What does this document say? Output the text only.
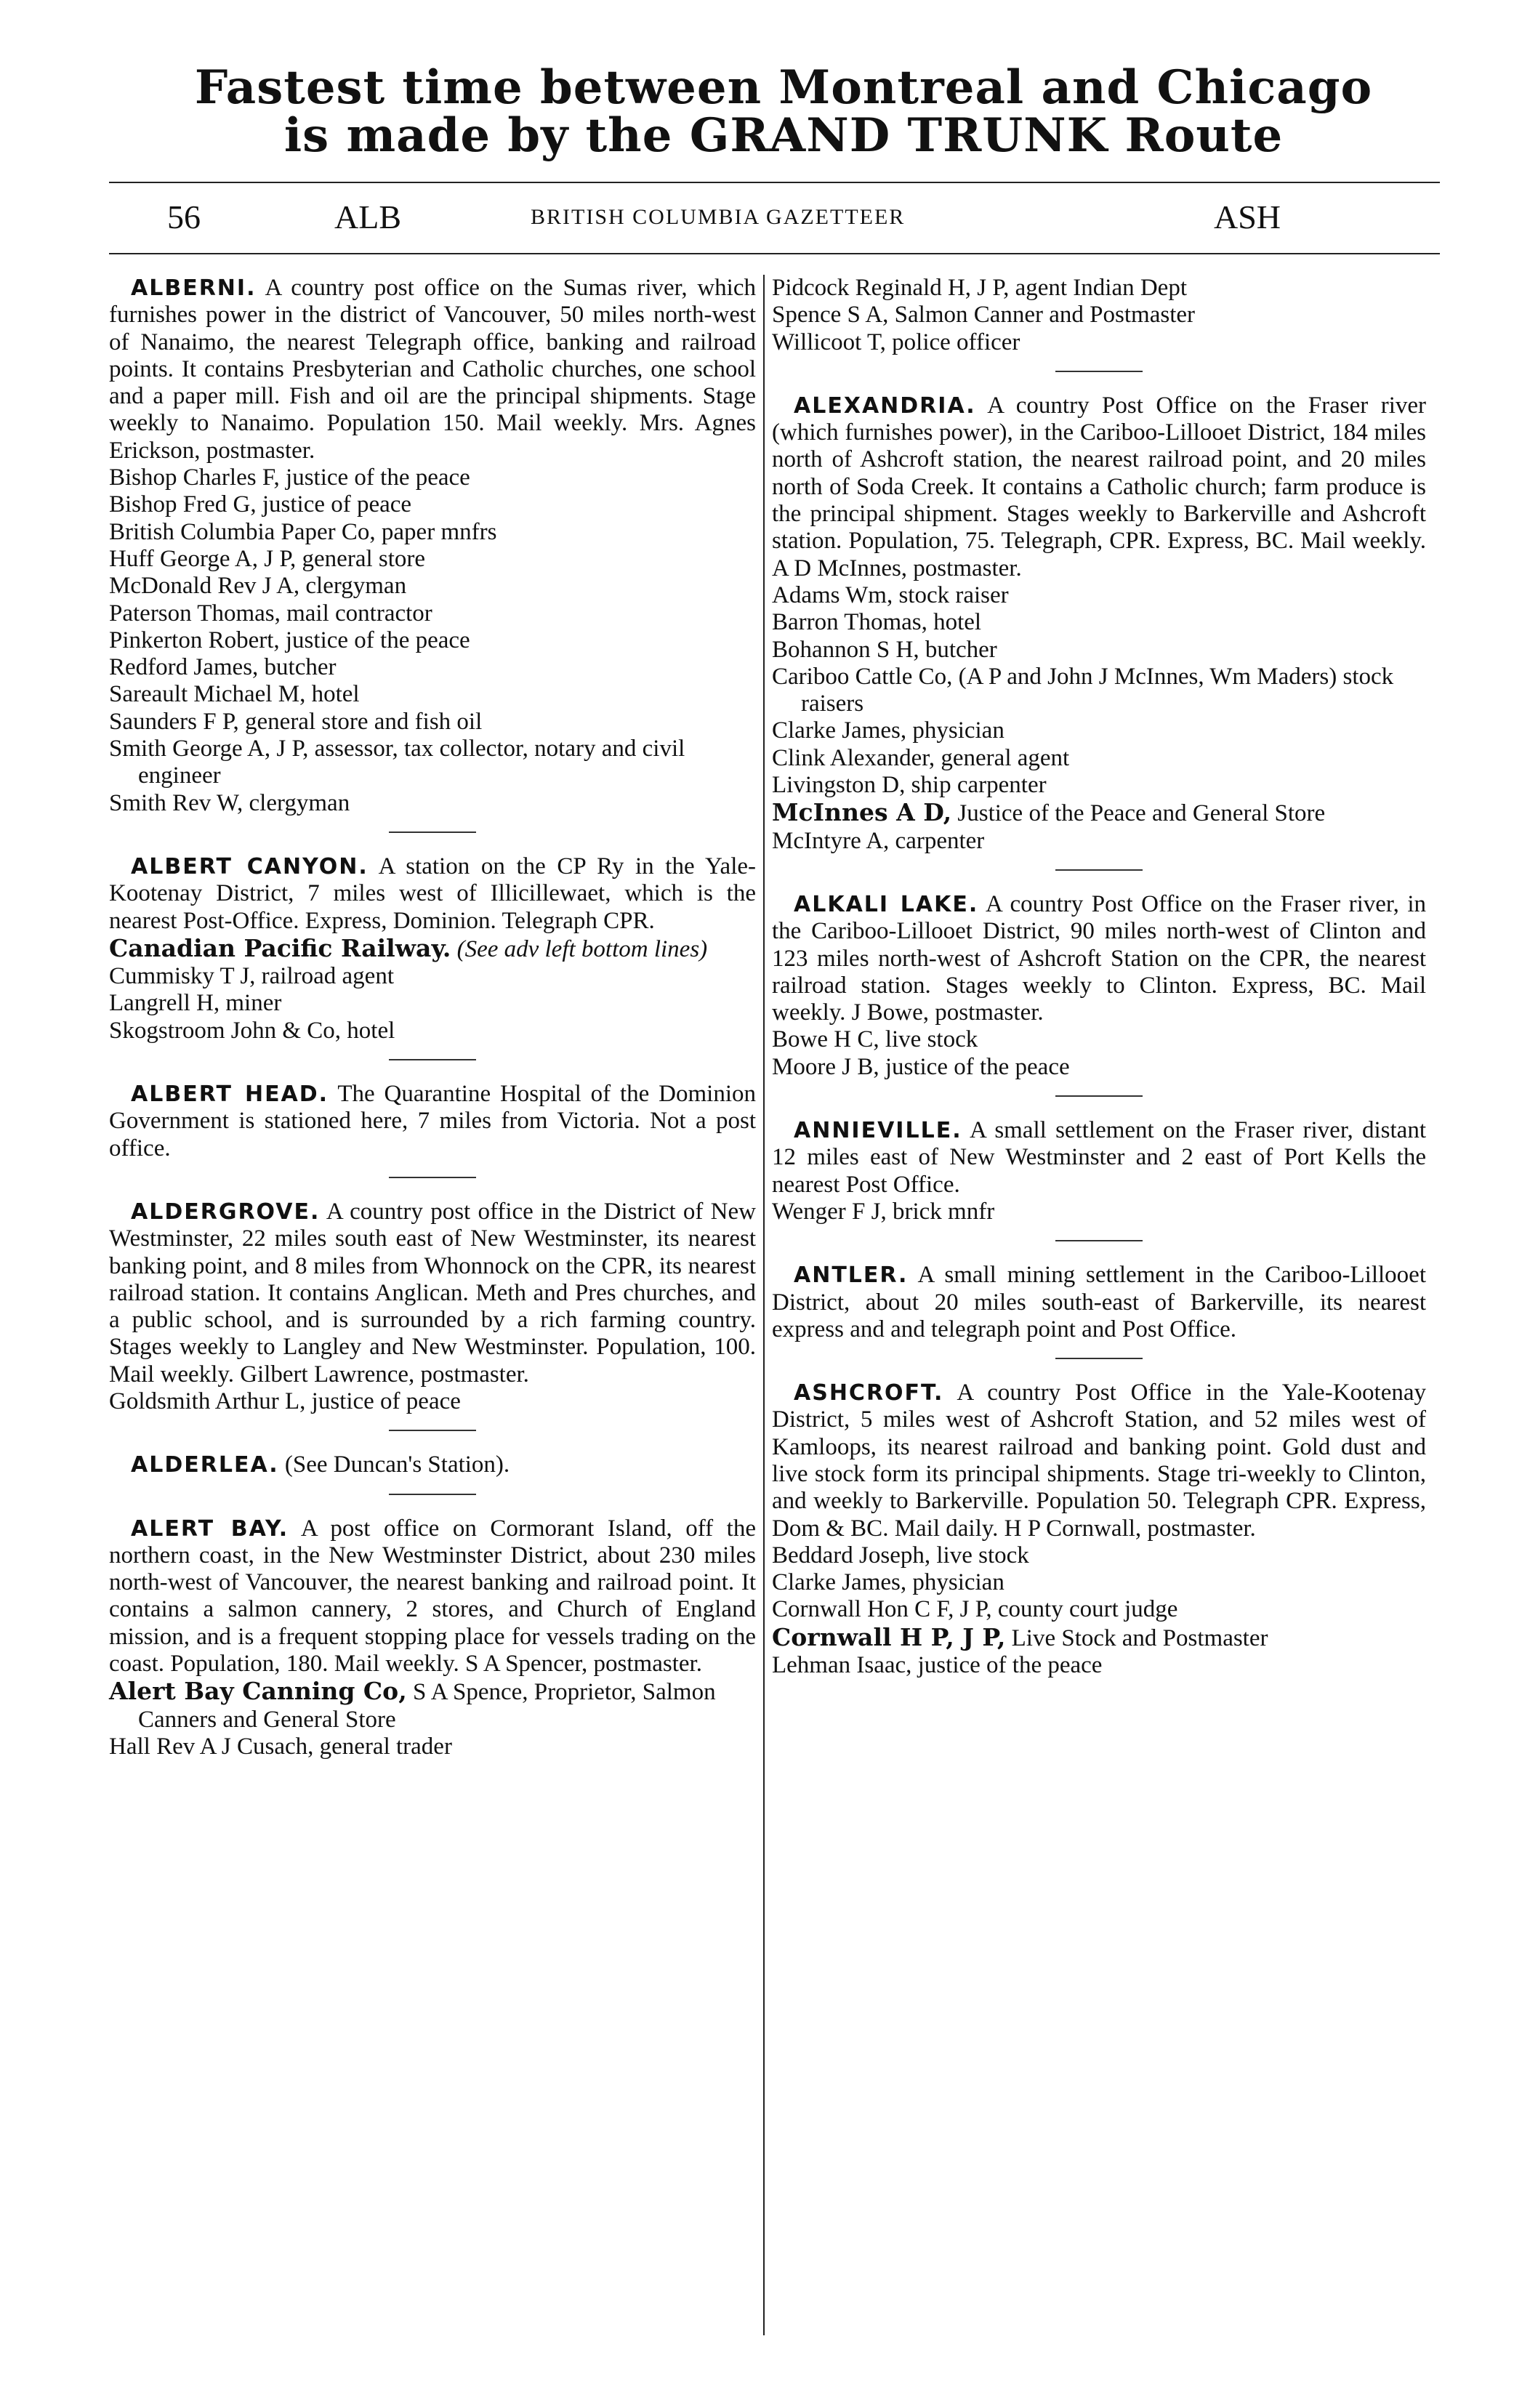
Fastest time between Montreal and Chicago
is made by the GRAND TRUNK Route
56	ALB	BRITISH COLUMBIA GAZETTEER	ASH

ALBERNI. A country post office on the Sumas river, which furnishes power in the district of Vancouver, 50 miles north-west of Nanaimo, the nearest Telegraph office, banking and railroad points. It contains Presbyterian and Catholic churches, one school and a paper mill. Fish and oil are the principal shipments. Stage weekly to Nanaimo. Population 150. Mail weekly. Mrs. Agnes Erickson, postmaster.

Bishop Charles F, justice of the peace
Bishop Fred G, justice of peace
British Columbia Paper Co, paper mnfrs
Huff George A, J P, general store
McDonald Rev J A, clergyman
Paterson Thomas, mail contractor
Pinkerton Robert, justice of the peace
Redford James, butcher
Sareault Michael M, hotel
Saunders F P, general store and fish oil
Smith George A, J P, assessor, tax collector, notary and civil engineer
Smith Rev W, clergyman

ALBERT CANYON. A station on the CP Ry in the Yale-Kootenay District, 7 miles west of Illicillewaet, which is the nearest Post-Office. Express, Dominion. Telegraph CPR.

Canadian Pacific Railway. (See adv left bottom lines)
Cummisky T J, railroad agent
Langrell H, miner
Skogstroom John & Co, hotel

ALBERT HEAD. The Quarantine Hospital of the Dominion Government is stationed here, 7 miles from Victoria. Not a post office.

ALDERGROVE. A country post office in the District of New Westminster, 22 miles south east of New Westminster, its nearest banking point, and 8 miles from Whonnock on the CPR, its nearest railroad station. It contains Anglican. Meth and Pres churches, and a public school, and is surrounded by a rich farming country. Stages weekly to Langley and New Westminster. Population, 100. Mail weekly. Gilbert Lawrence, postmaster.

Goldsmith Arthur L, justice of peace

ALDERLEA. (See Duncan's Station).

ALERT BAY. A post office on Cormorant Island, off the northern coast, in the New Westminster District, about 230 miles north-west of Vancouver, the nearest banking and railroad point. It contains a salmon cannery, 2 stores, and Church of England mission, and is a frequent stopping place for vessels trading on the coast. Population, 180. Mail weekly. S A Spencer, postmaster.

Alert Bay Canning Co, S A Spence, Proprietor, Salmon Canners and General Store
Hall Rev A J Cusach, general trader
Pidcock Reginald H, J P, agent Indian Dept
Spence S A, Salmon Canner and Postmaster
Willicoot T, police officer

ALEXANDRIA. A country Post Office on the Fraser river (which furnishes power), in the Cariboo-Lillooet District, 184 miles north of Ashcroft station, the nearest railroad point, and 20 miles north of Soda Creek. It contains a Catholic church; farm produce is the principal shipment. Stages weekly to Barkerville and Ashcroft station. Population, 75. Telegraph, CPR. Express, BC. Mail weekly. A D McInnes, postmaster.

Adams Wm, stock raiser
Barron Thomas, hotel
Bohannon S H, butcher
Cariboo Cattle Co, (A P and John J McInnes, Wm Maders) stock raisers
Clarke James, physician
Clink Alexander, general agent
Livingston D, ship carpenter
McInnes A D, Justice of the Peace and General Store
McIntyre A, carpenter

ALKALI LAKE. A country Post Office on the Fraser river, in the Cariboo-Lillooet District, 90 miles north-west of Clinton and 123 miles north-west of Ashcroft Station on the CPR, the nearest railroad station. Stages weekly to Clinton. Express, BC. Mail weekly. J Bowe, postmaster.

Bowe H C, live stock
Moore J B, justice of the peace

ANNIEVILLE. A small settlement on the Fraser river, distant 12 miles east of New Westminster and 2 east of Port Kells the nearest Post Office.

Wenger F J, brick mnfr

ANTLER. A small mining settlement in the Cariboo-Lillooet District, about 20 miles south-east of Barkerville, its nearest express and and telegraph point and Post Office.

ASHCROFT. A country Post Office in the Yale-Kootenay District, 5 miles west of Ashcroft Station, and 52 miles west of Kamloops, its nearest railroad and banking point. Gold dust and live stock form its principal shipments. Stage tri-weekly to Clinton, and weekly to Barkerville. Population 50. Telegraph CPR. Express, Dom & BC. Mail daily. H P Cornwall, postmaster.

Beddard Joseph, live stock
Clarke James, physician
Cornwall Hon C F, J P, county court judge
Cornwall H P, J P, Live Stock and Postmaster
Lehman Isaac, justice of the peace
